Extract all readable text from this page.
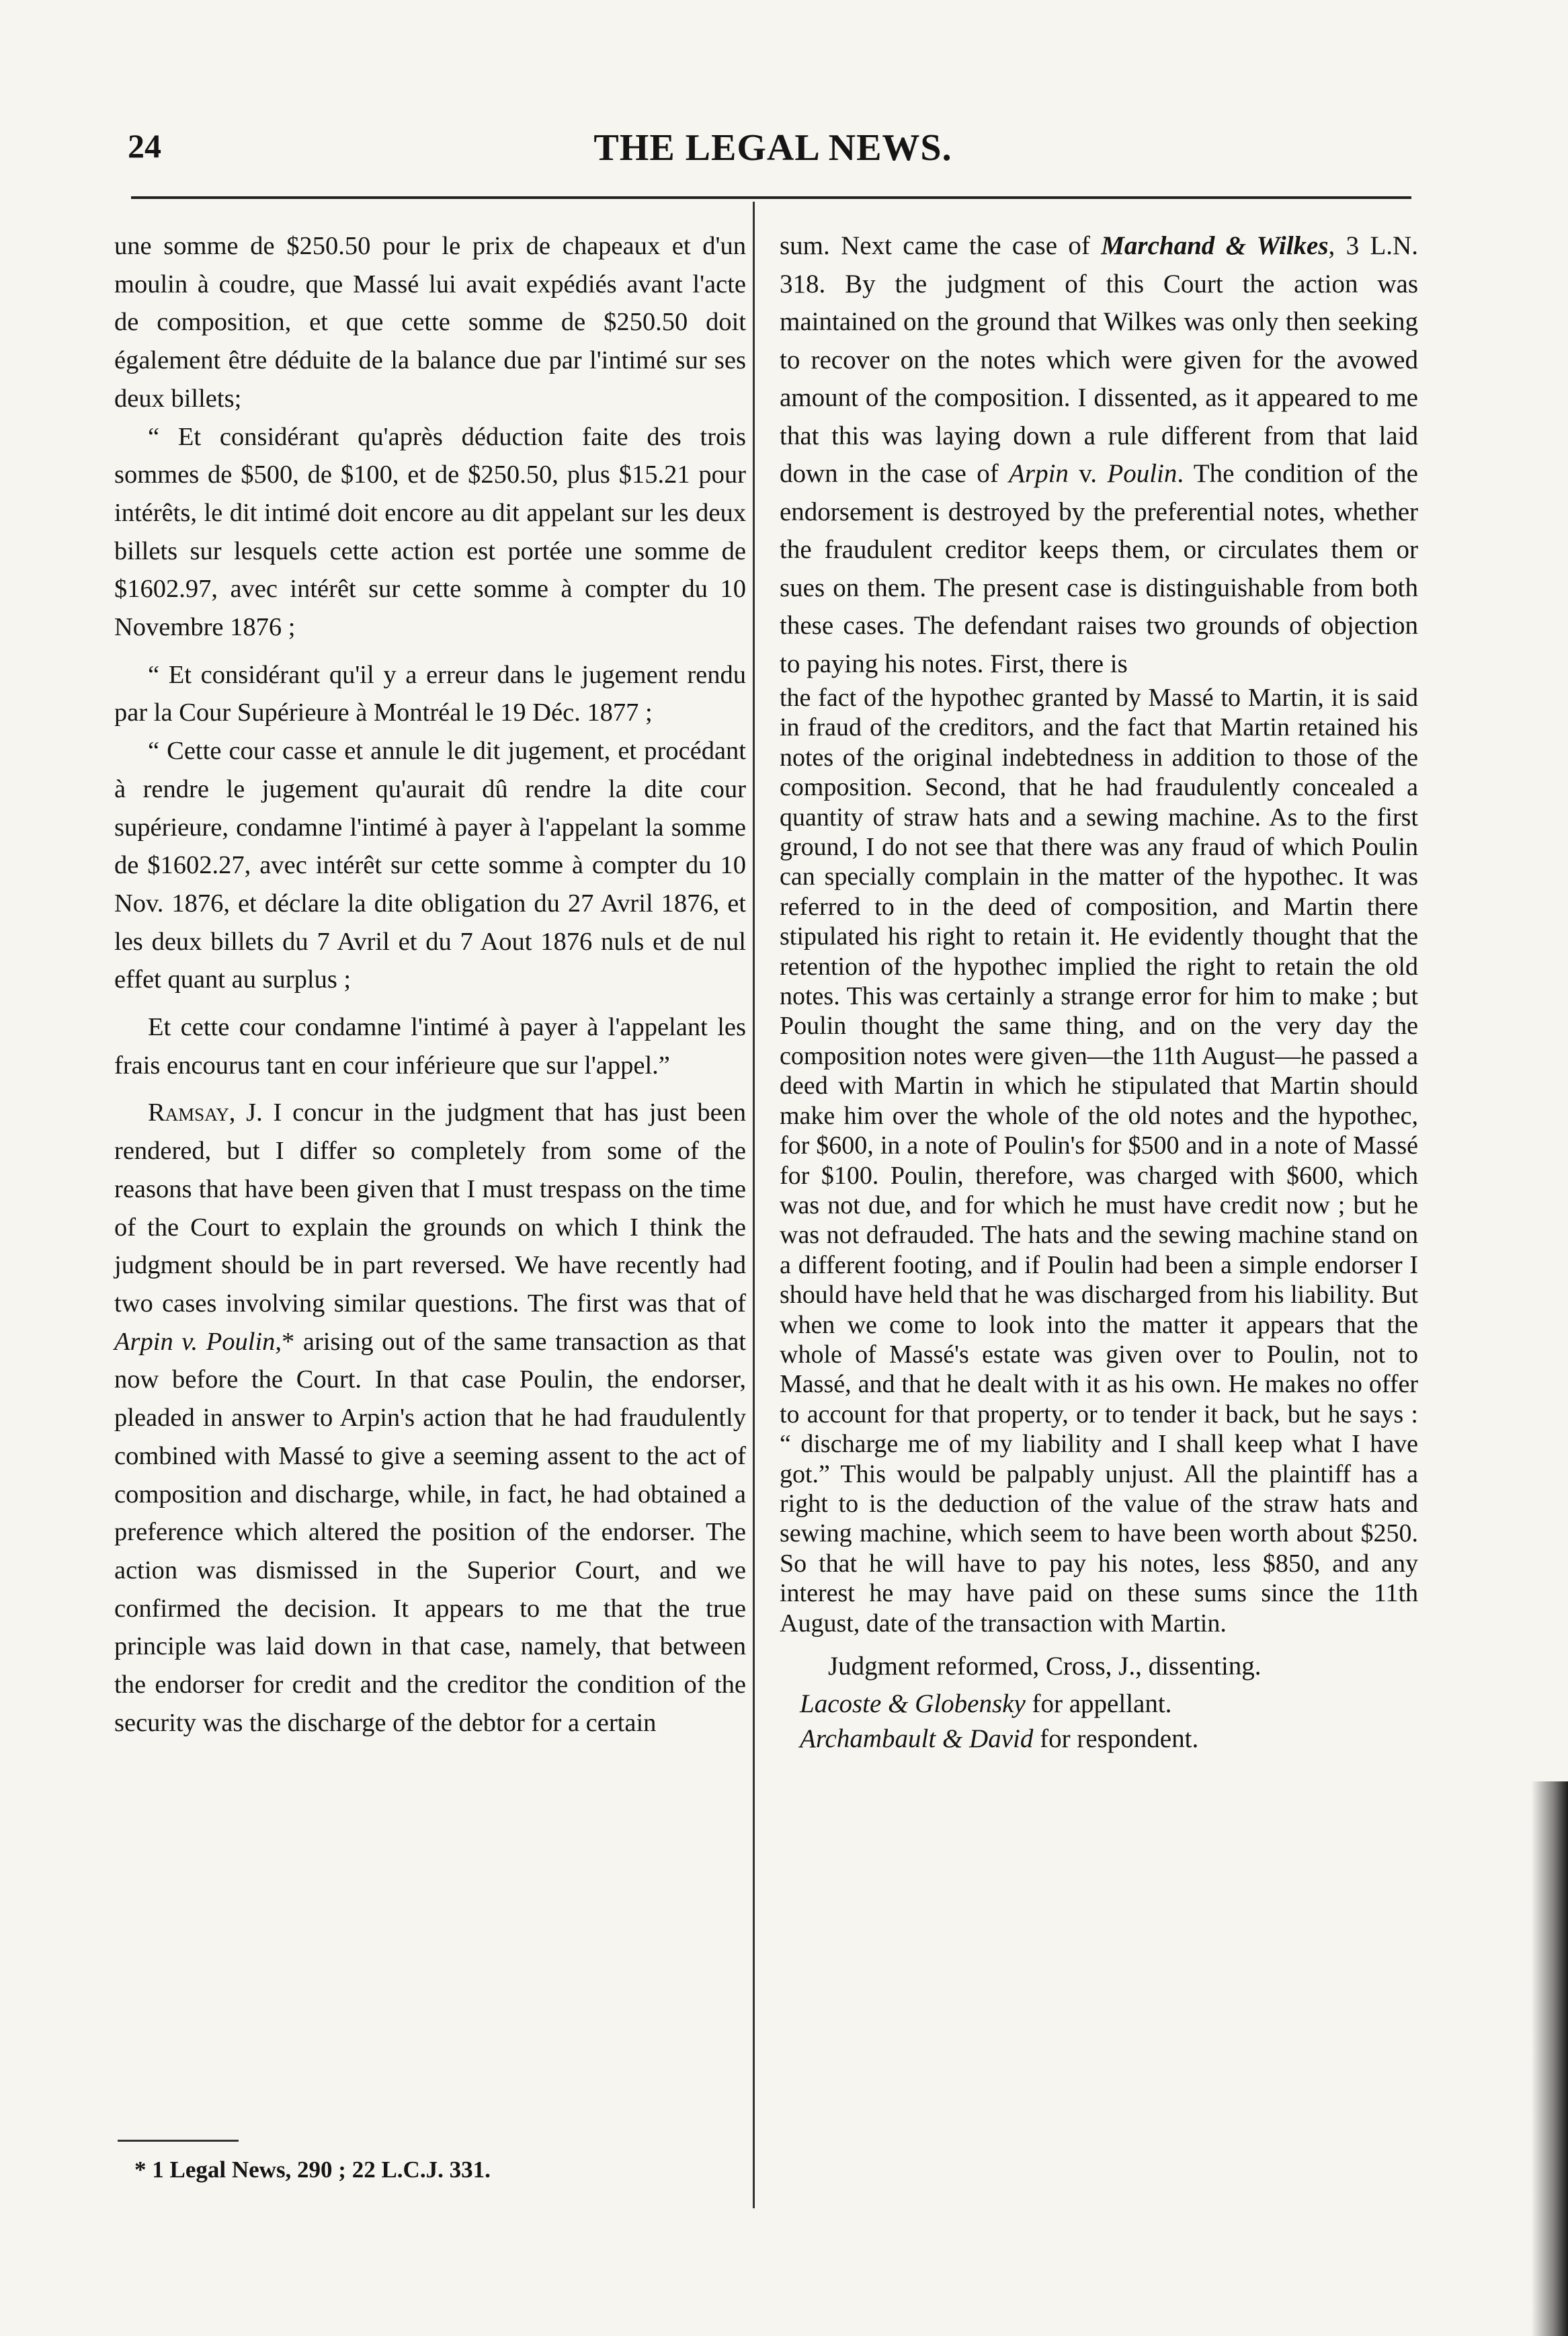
24	THE LEGAL NEWS.

une somme de $250.50 pour le prix de chapeaux et d'un moulin à coudre, que Massé lui avait expédiés avant l'acte de composition, et que cette somme de $250.50 doit également être déduite de la balance due par l'intimé sur ses deux billets;

“ Et considérant qu'après déduction faite des trois sommes de $500, de $100, et de $250.50, plus $15.21 pour intérêts, le dit intimé doit encore au dit appelant sur les deux billets sur lesquels cette action est portée une somme de $1602.97, avec intérêt sur cette somme à compter du 10 Novembre 1876 ;

“ Et considérant qu'il y a erreur dans le jugement rendu par la Cour Supérieure à Montréal le 19 Déc. 1877 ;

“ Cette cour casse et annule le dit jugement, et procédant à rendre le jugement qu'aurait dû rendre la dite cour supérieure, condamne l'intimé à payer à l'appelant la somme de $1602.27, avec intérêt sur cette somme à compter du 10 Nov. 1876, et déclare la dite obligation du 27 Avril 1876, et les deux billets du 7 Avril et du 7 Aout 1876 nuls et de nul effet quant au surplus ;

Et cette cour condamne l'intimé à payer à l'appelant les frais encourus tant en cour inférieure que sur l'appel.”

Ramsay, J. I concur in the judgment that has just been rendered, but I differ so completely from some of the reasons that have been given that I must trespass on the time of the Court to explain the grounds on which I think the judgment should be in part reversed. We have recently had two cases involving similar questions. The first was that of Arpin v. Poulin,* arising out of the same transaction as that now before the Court. In that case Poulin, the endorser, pleaded in answer to Arpin's action that he had fraudulently combined with Massé to give a seeming assent to the act of composition and discharge, while, in fact, he had obtained a preference which altered the position of the endorser. The action was dismissed in the Superior Court, and we confirmed the decision. It appears to me that the true principle was laid down in that case, namely, that between the endorser for credit and the creditor the condition of the security was the discharge of the debtor for a certain

* 1 Legal News, 290 ; 22 L.C.J. 331.

sum. Next came the case of Marchand & Wilkes, 3 L.N. 318. By the judgment of this Court the action was maintained on the ground that Wilkes was only then seeking to recover on the notes which were given for the avowed amount of the composition. I dissented, as it appeared to me that this was laying down a rule different from that laid down in the case of Arpin v. Poulin. The condition of the endorsement is destroyed by the preferential notes, whether the fraudulent creditor keeps them, or circulates them or sues on them. The present case is distinguishable from both these cases. The defendant raises two grounds of objection to paying his notes. First, there is

the fact of the hypothec granted by Massé to Martin, it is said in fraud of the creditors, and the fact that Martin retained his notes of the original indebtedness in addition to those of the composition. Second, that he had fraudulently concealed a quantity of straw hats and a sewing machine. As to the first ground, I do not see that there was any fraud of which Poulin can specially complain in the matter of the hypothec. It was referred to in the deed of composition, and Martin there stipulated his right to retain it. He evidently thought that the retention of the hypothec implied the right to retain the old notes. This was certainly a strange error for him to make ; but Poulin thought the same thing, and on the very day the composition notes were given—the 11th August—he passed a deed with Martin in which he stipulated that Martin should make him over the whole of the old notes and the hypothec, for $600, in a note of Poulin's for $500 and in a note of Massé for $100. Poulin, therefore, was charged with $600, which was not due, and for which he must have credit now ; but he was not defrauded. The hats and the sewing machine stand on a different footing, and if Poulin had been a simple endorser I should have held that he was discharged from his liability. But when we come to look into the matter it appears that the whole of Massé's estate was given over to Poulin, not to Massé, and that he dealt with it as his own. He makes no offer to account for that property, or to tender it back, but he says : “ discharge me of my liability and I shall keep what I have got.” This would be palpably unjust. All the plaintiff has a right to is the deduction of the value of the straw hats and sewing machine, which seem to have been worth about $250. So that he will have to pay his notes, less $850, and any interest he may have paid on these sums since the 11th August, date of the transaction with Martin.

Judgment reformed, Cross, J., dissenting.

Lacoste & Globensky for appellant.

Archambault & David for respondent.
